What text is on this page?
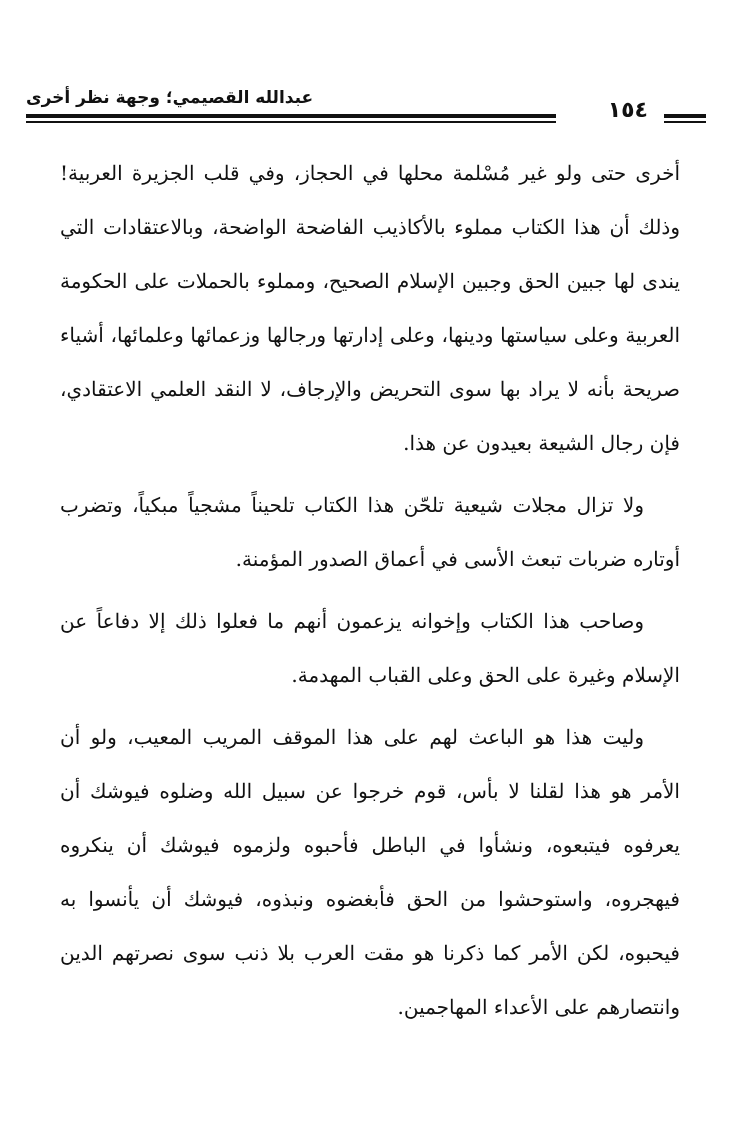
عبدالله القصيمي؛ وجهة نظر أخرى	١٥٤

أخرى حتى ولو غير مُسْلمة محلها في الحجاز، وفي قلب الجزيرة العربية! وذلك أن هذا الكتاب مملوء بالأكاذيب الفاضحة الواضحة، وبالاعتقادات التي يندى لها جبين الحق وجبين الإسلام الصحيح، ومملوء بالحملات على الحكومة العربية وعلى سياستها ودينها، وعلى إدارتها ورجالها وزعمائها وعلمائها، أشياء صريحة بأنه لا يراد بها سوى التحريض والإرجاف، لا النقد العلمي الاعتقادي، فإن رجال الشيعة بعيدون عن هذا.

ولا تزال مجلات شيعية تلحّن هذا الكتاب تلحيناً مشجياً مبكياً، وتضرب أوتاره ضربات تبعث الأسى في أعماق الصدور المؤمنة.

وصاحب هذا الكتاب وإخوانه يزعمون أنهم ما فعلوا ذلك إلا دفاعاً عن الإسلام وغيرة على الحق وعلى القباب المهدمة.

وليت هذا هو الباعث لهم على هذا الموقف المريب المعيب، ولو أن الأمر هو هذا لقلنا لا بأس، قوم خرجوا عن سبيل الله وضلوه فيوشك أن يعرفوه فيتبعوه، ونشأوا في الباطل فأحبوه ولزموه فيوشك أن ينكروه فيهجروه، واستوحشوا من الحق فأبغضوه ونبذوه، فيوشك أن يأنسوا به فيحبوه، لكن الأمر كما ذكرنا هو مقت العرب بلا ذنب سوى نصرتهم الدين وانتصارهم على الأعداء المهاجمين.
